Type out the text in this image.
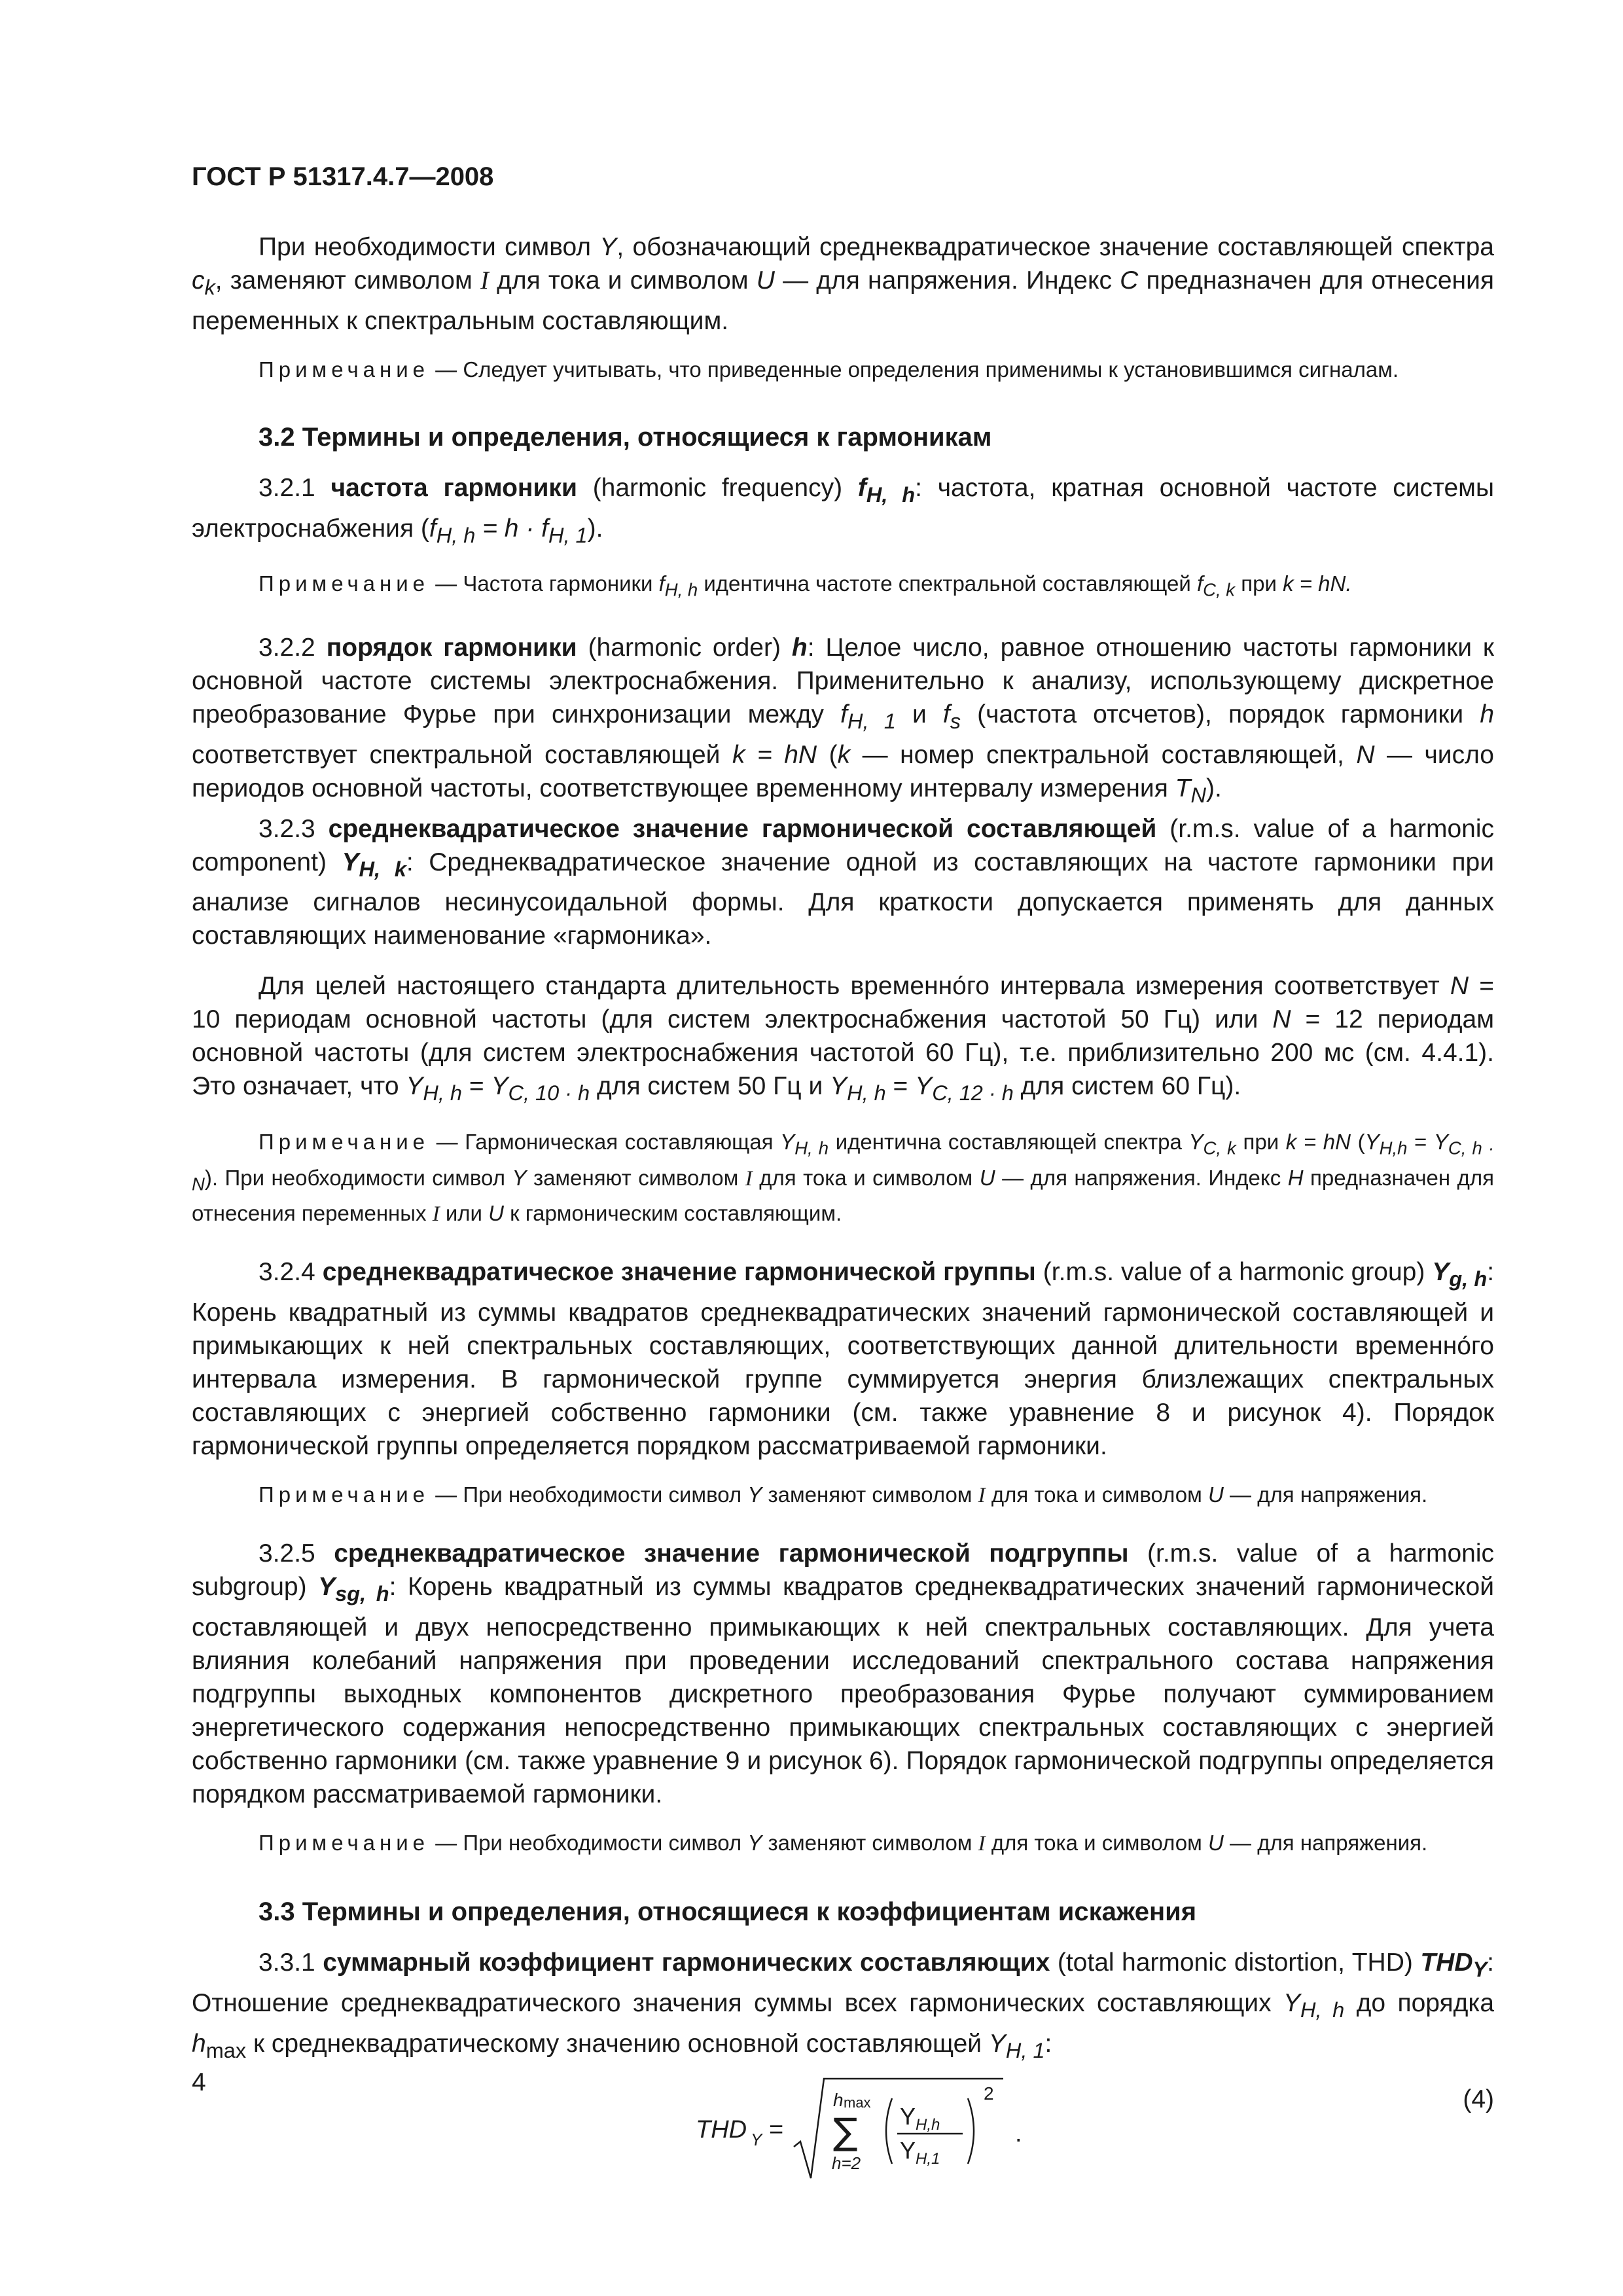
ГОСТ Р 51317.4.7—2008

При необходимости символ Y, обозначающий среднеквадратическое значение составляющей спектра $c_k$, заменяют символом I для тока и символом U — для напряжения. Индекс C предназначен для отнесения переменных к спектральным составляющим.

Примечание — Следует учитывать, что приведенные определения применимы к установившимся сигналам.

3.2 Термины и определения, относящиеся к гармоникам

3.2.1 частота гармоники (harmonic frequency) $f_{H, h}$: частота, кратная основной частоте системы электроснабжения $(f_{H, h} = h \cdot f_{H, 1})$.

Примечание — Частота гармоники $f_{H, h}$ идентична частоте спектральной составляющей $f_{C, k}$ при k = hN.

3.2.2 порядок гармоники (harmonic order) h: Целое число, равное отношению частоты гармоники к основной частоте системы электроснабжения. Применительно к анализу, использующему дискретное преобразование Фурье при синхронизации между $f_{H, 1}$ и $f_s$ (частота отсчетов), порядок гармоники h соответствует спектральной составляющей k = hN (k — номер спектральной составляющей, N — число периодов основной частоты, соответствующее временному интервалу измерения $T_N$).

3.2.3 среднеквадратическое значение гармонической составляющей (r.m.s. value of a harmonic component) $Y_{H, k}$: Среднеквадратическое значение одной из составляющих на частоте гармоники при анализе сигналов несинусоидальной формы. Для краткости допускается применять для данных составляющих наименование «гармоника».

Для целей настоящего стандарта длительность временно́го интервала измерения соответствует N = 10 периодам основной частоты (для систем электроснабжения частотой 50 Гц) или N = 12 периодам основной частоты (для систем электроснабжения частотой 60 Гц), т.е. приблизительно 200 мс (см. 4.4.1). Это означает, что $Y_{H, h} = Y_{C, 10 \cdot h}$ для систем 50 Гц и $Y_{H, h} = Y_{C, 12 \cdot h}$ для систем 60 Гц).

Примечание — Гармоническая составляющая $Y_{H, h}$ идентична составляющей спектра $Y_{C, k}$ при k = hN $(Y_{H,h} = Y_{C, h \cdot N})$. При необходимости символ Y заменяют символом I для тока и символом U — для напряжения. Индекс H предназначен для отнесения переменных I или U к гармоническим составляющим.

3.2.4 среднеквадратическое значение гармонической группы (r.m.s. value of a harmonic group) $Y_{g, h}$: Корень квадратный из суммы квадратов среднеквадратических значений гармонической составляющей и примыкающих к ней спектральных составляющих, соответствующих данной длительности временно́го интервала измерения. В гармонической группе суммируется энергия близлежащих спектральных составляющих с энергией собственно гармоники (см. также уравнение 8 и рисунок 4). Порядок гармонической группы определяется порядком рассматриваемой гармоники.

Примечание — При необходимости символ Y заменяют символом I для тока и символом U — для напряжения.

3.2.5 среднеквадратическое значение гармонической подгруппы (r.m.s. value of a harmonic subgroup) $Y_{sg, h}$: Корень квадратный из суммы квадратов среднеквадратических значений гармонической составляющей и двух непосредственно примыкающих к ней спектральных составляющих. Для учета влияния колебаний напряжения при проведении исследований спектрального состава напряжения подгруппы выходных компонентов дискретного преобразования Фурье получают суммированием энергетического содержания непосредственно примыкающих спектральных составляющих с энергией собственно гармоники (см. также уравнение 9 и рисунок 6). Порядок гармонической подгруппы определяется порядком рассматриваемой гармоники.

Примечание — При необходимости символ Y заменяют символом I для тока и символом U — для напряжения.

3.3 Термины и определения, относящиеся к коэффициентам искажения

3.3.1 суммарный коэффициент гармонических составляющих (total harmonic distortion, THD) $THD_Y$: Отношение среднеквадратического значения суммы всех гармонических составляющих $Y_{H, h}$ до порядка $h_{max}$ к среднеквадратическому значению основной составляющей $Y_{H, 1}$:

THD Y =
h max
∑
h=2
Y H,h
Y H,1
2
.
(4)
4
